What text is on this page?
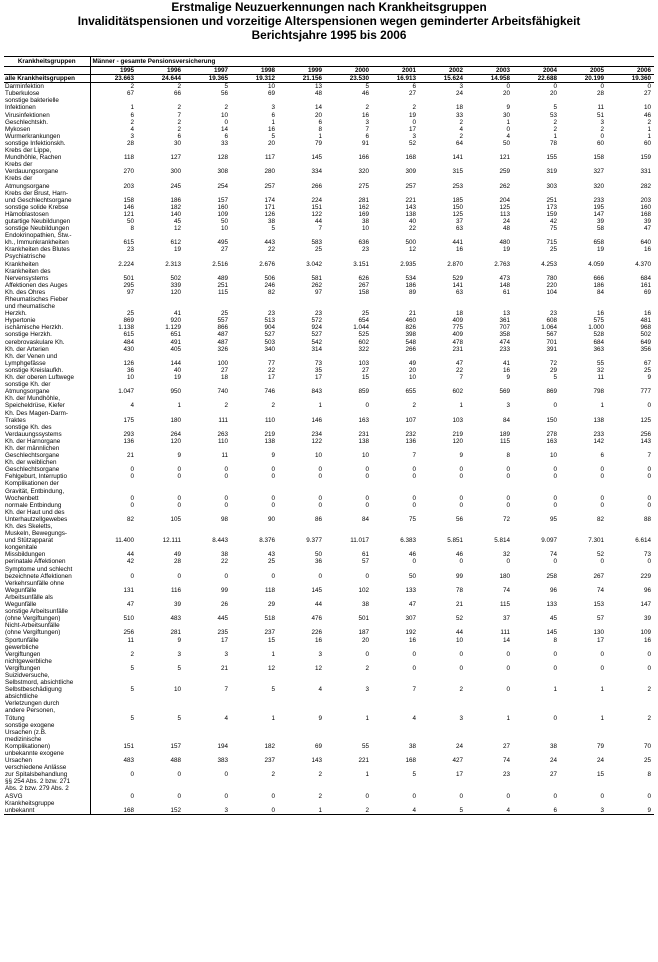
Erstmalige Neuzuerkennungen nach Krankheitsgruppen
Invaliditätspensionen und vorzeitige Alterspensionen wegen geminderter Arbeitsfähigkeit
Berichtsjahre 1995 bis 2006
Krankheitsgruppen	Männer - gesamte Pensionsversicherung											

	1995	1996	1997	1998	1999	2000	2001	2002	2003	2004	2005	2006
alle Krankheitsgruppen	23.663	24.644	19.365	19.312	21.156	23.530	16.913	15.624	14.958	22.688	20.199	19.360

Darminfektion	2	2	5	10	13	5	6	3	0	0	0	0

Tuberkulose	67	66	56	69	48	46	27	24	20	20	28	27

sonstige bakterielle
Infektionen	1	2	2	3	14	2	2	18	9	5	11	10

Virusinfektionen	6	7	10	6	20	16	19	33	30	53	51	46

Geschlechtskh.	2	2	0	1	6	3	0	2	1	2	3	2

Mykosen	4	2	14	16	8	7	17	4	0	2	2	1

Wurmerkrankungen	3	6	6	5	1	6	3	2	4	1	0	1

sonstige Infektionskh.	28	30	33	20	79	91	52	64	50	78	60	60

Krebs der Lippe,
Mundhöhle, Rachen	118	127	128	117	145	166	168	141	121	155	158	159

Krebs der
Verdauungsorgane	270	300	308	280	334	320	309	315	259	319	327	331

Krebs der
Atmungsorgane	203	245	254	257	266	275	257	253	262	303	320	282

Krebs der Brust, Harn-
und Geschlechtsorgane	158	186	157	174	224	281	221	185	204	251	233	203

sonstige solide Krebse	146	182	160	171	151	162	143	150	125	173	195	160

Hämoblastosen	121	140	109	126	122	169	138	125	113	159	147	168

gutartige Neubildungen	50	45	50	38	44	38	40	37	24	42	39	39

sonstige Neubildungen	8	12	10	5	7	10	22	63	48	75	58	47

Endokrinopathien, Stw.-
kh., Immunkrankheiten	615	612	495	443	583	636	500	441	480	715	658	640

Krankheiten des Blutes	23	19	27	22	25	23	12	16	19	25	19	16

Psychiatrische
Krankheiten	2.224	2.313	2.516	2.676	3.042	3.151	2.935	2.870	2.763	4.253	4.059	4.370

Krankheiten des
Nervensystems	501	502	489	506	581	626	534	529	473	780	666	684

Affektionen des Auges	295	339	251	246	262	267	186	141	148	220	186	161

Kh. des Ohres	97	120	115	82	97	158	89	63	61	104	84	69

Rheumatisches Fieber
und rheumatische
Herzkh.	25	41	25	23	23	25	21	18	13	23	16	16

Hypertonie	869	920	557	513	572	654	460	409	361	608	575	481

ischämische Herzkh.	1.138	1.129	866	904	924	1.044	826	775	707	1.064	1.000	968

sonstige Herzkh.	615	651	487	527	527	525	398	409	358	567	528	502

cerebrovaskulare Kh.	484	491	487	503	542	602	548	478	474	701	684	649

Kh. der Arterien	430	405	326	340	314	322	266	231	233	391	363	356

Kh. der Venen und
Lymphgefässe	126	144	100	77	73	103	49	47	41	72	55	67

sonstige Kreislaufkh.	36	40	27	22	35	27	20	22	16	29	32	25

Kh. der oberen Luftwege	10	19	18	17	17	15	10	7	9	5	11	9

sonstige Kh. der
Atmungsorgane	1.047	950	740	746	843	859	655	602	569	869	798	777

Kh. der Mundhöhle,
Speicheldrüse, Kiefer	4	1	2	2	1	0	2	1	3	0	1	0

Kh. Des Magen-Darm-
Traktes	175	180	111	110	146	163	107	103	84	150	138	125

sonstige Kh. des
Verdauungssystems	293	264	263	219	234	231	232	219	189	278	233	256

Kh. der Harnorgane	136	120	110	138	122	138	136	120	115	163	142	143

Kh. der männlichen
Geschlechtsorgane	21	9	11	9	10	10	7	9	8	10	6	7

Kh. der weiblichen
Geschlechtsorgane	0	0	0	0	0	0	0	0	0	0	0	0

Fehlgeburt, Interruptio	0	0	0	0	0	0	0	0	0	0	0	0

Komplikationen der
Gravität, Entbindung,
Wochenbett	0	0	0	0	0	0	0	0	0	0	0	0

normale Entbindung	0	0	0	0	0	0	0	0	0	0	0	0

Kh. der Haut und des
Unterhautzellgewebes	82	105	98	90	86	84	75	56	72	95	82	88

Kh. des Skeletts,
Muskeln, Bewegungs-
und Stützapparat	11.400	12.111	8.443	8.376	9.377	11.017	6.383	5.851	5.814	9.097	7.301	6.614

kongenitale
Missbildungen	44	49	38	43	50	61	46	46	32	74	52	73

perinatale Affektionen	42	28	22	25	36	57	0	0	0	0	0	0

Symptome und schlecht
bezeichnete Affektionen	0	0	0	0	0	0	50	99	180	258	267	229

Verkehrsunfälle ohne
Wegunfälle	131	116	99	118	145	102	133	78	74	96	74	96

Arbeitsunfälle als
Wegunfälle	47	39	26	29	44	38	47	21	115	133	153	147

sonstige Arbeitsunfälle
(ohne Vergiftungen)	510	483	445	518	476	501	307	52	37	45	57	39

Nicht-Arbeitsunfälle
(ohne Vergiftungen)	256	281	235	237	226	187	192	44	111	145	130	109

Sportunfälle	11	9	17	15	16	20	16	10	14	8	17	16

gewerbliche
Vergiftungen	2	3	3	1	3	0	0	0	0	0	0	0

nichtgewerbliche
Vergiftungen	5	5	21	12	12	2	0	0	0	0	0	0

Suizidversuche,
Selbstmord, absichtliche
Selbstbeschädigung	5	10	7	5	4	3	7	2	0	1	1	2

absichtliche
Verletzungen durch
andere Personen,
Tötung	5	5	4	1	9	1	4	3	1	0	1	2

sonstige exogene
Ursachen (z.B.
medizinische
Komplikationen)	151	157	194	182	69	55	38	24	27	38	79	70

unbekannte exogene
Ursachen	483	488	383	237	143	221	168	427	74	24	24	25

verschiedene Anlässe
zur Spitalsbehandlung	0	0	0	2	2	1	5	17	23	27	15	8

§§ 254 Abs. 2 bzw. 271
Abs. 2 bzw. 279 Abs. 2
ASVG	0	0	0	0	2	0	0	0	0	0	0	0

Krankheitsgruppe
unbekannt	168	152	3	0	1	2	4	5	4	6	3	9
